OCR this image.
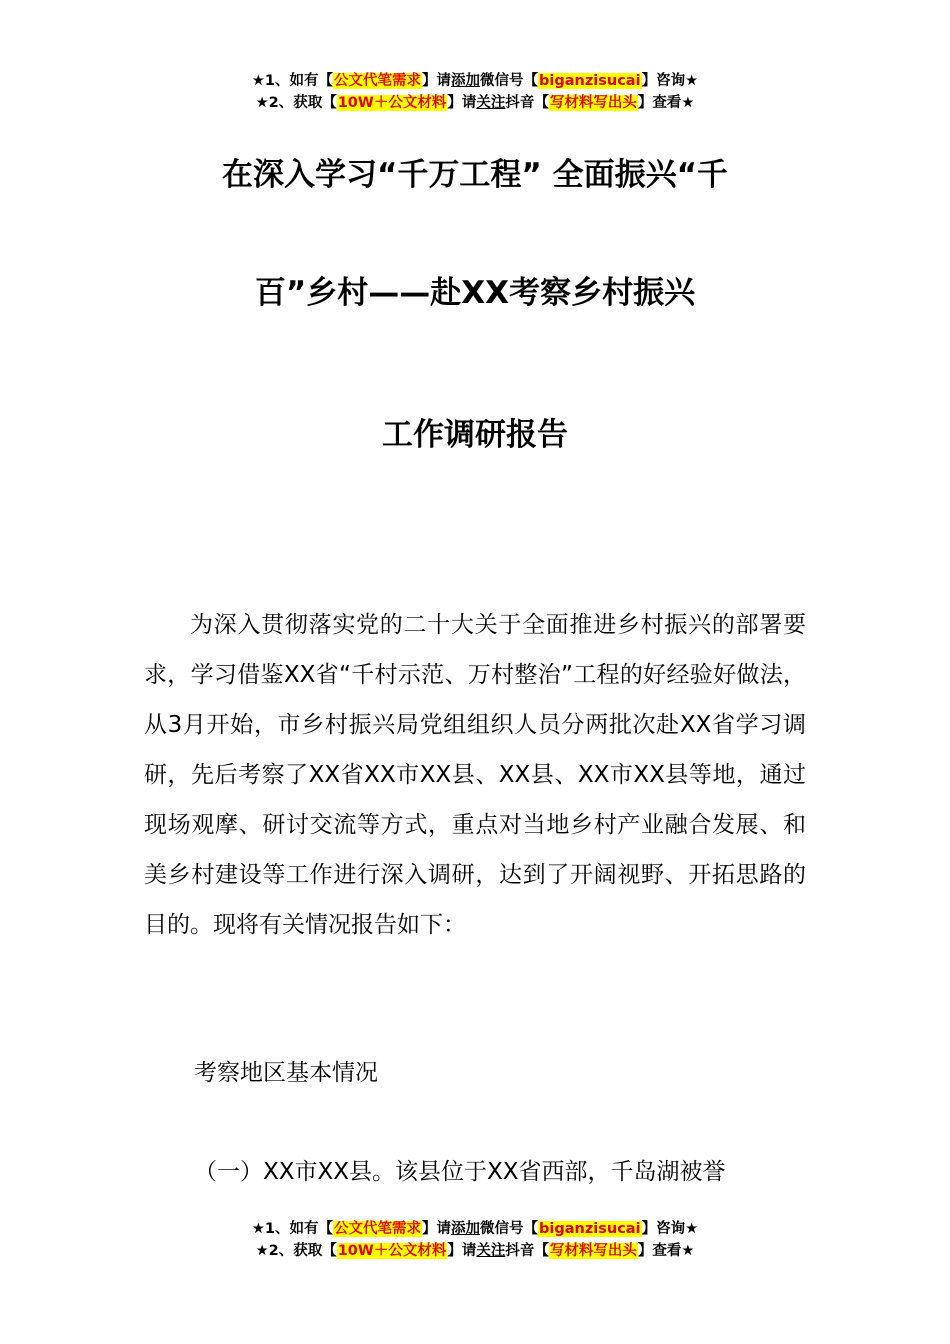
★1、如有【公文代笔需求】请添加微信号【biganzisucai】咨询★
★2、获取【10W＋公文材料】请关注抖音【写材料写出头】查看★
在深入学习“千万工程” 全面振兴“千
百”乡村——赴XX考察乡村振兴
工作调研报告

为深入贯彻落实党的二十大关于全面推进乡村振兴的部署要求，学习借鉴XX省“千村示范、万村整治”工程的好经验好做法，从3月开始，市乡村振兴局党组组织人员分两批次赴XX省学习调研，先后考察了XX省XX市XX县、XX县、XX市XX县等地，通过现场观摩、研讨交流等方式，重点对当地乡村产业融合发展、和美乡村建设等工作进行深入调研，达到了开阔视野、开拓思路的目的。现将有关情况报告如下：

考察地区基本情况
（一）XX市XX县。该县位于XX省西部，千岛湖被誉
★1、如有【公文代笔需求】请添加微信号【biganzisucai】咨询★
★2、获取【10W＋公文材料】请关注抖音【写材料写出头】查看★
